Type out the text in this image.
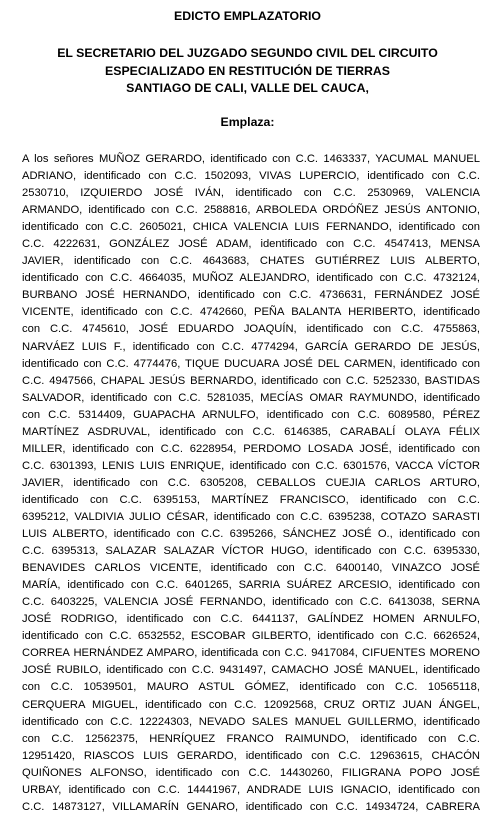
EDICTO EMPLAZATORIO

EL SECRETARIO DEL JUZGADO SEGUNDO CIVIL DEL CIRCUITO
ESPECIALIZADO EN RESTITUCIÓN DE TIERRAS
SANTIAGO DE CALI, VALLE DEL CAUCA,

Emplaza:

A los señores MUÑOZ GERARDO, identificado con C.C. 1463337, YACUMAL MANUEL
ADRIANO, identificado con C.C. 1502093, VIVAS LUPERCIO, identificado con C.C.
2530710, IZQUIERDO JOSÉ IVÁN, identificado con C.C. 2530969, VALENCIA
ARMANDO, identificado con C.C. 2588816, ARBOLEDA ORDÓÑEZ JESÚS ANTONIO,
identificado con C.C. 2605021, CHICA VALENCIA LUIS FERNANDO, identificado con
C.C. 4222631, GONZÁLEZ JOSÉ ADAM, identificado con C.C. 4547413, MENSA
JAVIER, identificado con C.C. 4643683, CHATES GUTIÉRREZ LUIS ALBERTO,
identificado con C.C. 4664035, MUÑOZ ALEJANDRO, identificado con C.C. 4732124,
BURBANO JOSÉ HERNANDO, identificado con C.C. 4736631, FERNÁNDEZ JOSÉ
VICENTE, identificado con C.C. 4742660, PEÑA BALANTA HERIBERTO, identificado
con C.C. 4745610, JOSÉ EDUARDO JOAQUÍN, identificado con C.C. 4755863,
NARVÁEZ LUIS F., identificado con C.C. 4774294, GARCÍA GERARDO DE JESÚS,
identificado con C.C. 4774476, TIQUE DUCUARA JOSÉ DEL CARMEN, identificado con
C.C. 4947566, CHAPAL JESÚS BERNARDO, identificado con C.C. 5252330, BASTIDAS
SALVADOR, identificado con C.C. 5281035, MECÍAS OMAR RAYMUNDO, identificado
con C.C. 5314409, GUAPACHA ARNULFO, identificado con C.C. 6089580, PÉREZ
MARTÍNEZ ASDRUVAL, identificado con C.C. 6146385, CARABALÍ OLAYA FÉLIX
MILLER, identificado con C.C. 6228954, PERDOMO LOSADA JOSÉ, identificado con
C.C. 6301393, LENIS LUIS ENRIQUE, identificado con C.C. 6301576, VACCA VÍCTOR
JAVIER, identificado con C.C. 6305208, CEBALLOS CUEJIA CARLOS ARTURO,
identificado con C.C. 6395153, MARTÍNEZ FRANCISCO, identificado con C.C.
6395212, VALDIVIA JULIO CÉSAR, identificado con C.C. 6395238, COTAZO SARASTI
LUIS ALBERTO, identificado con C.C. 6395266, SÁNCHEZ JOSÉ O., identificado con
C.C. 6395313, SALAZAR SALAZAR VÍCTOR HUGO, identificado con C.C. 6395330,
BENAVIDES CARLOS VICENTE, identificado con C.C. 6400140, VINAZCO JOSÉ
MARÍA, identificado con C.C. 6401265, SARRIA SUÁREZ ARCESIO, identificado con
C.C. 6403225, VALENCIA JOSÉ FERNANDO, identificado con C.C. 6413038, SERNA
JOSÉ RODRIGO, identificado con C.C. 6441137, GALÍNDEZ HOMEN ARNULFO,
identificado con C.C. 6532552, ESCOBAR GILBERTO, identificado con C.C. 6626524,
CORREA HERNÁNDEZ AMPARO, identificada con C.C. 9417084, CIFUENTES MORENO
JOSÉ RUBILO, identificado con C.C. 9431497, CAMACHO JOSÉ MANUEL, identificado
con C.C. 10539501, MAURO ASTUL GÓMEZ, identificado con C.C. 10565118,
CERQUERA MIGUEL, identificado con C.C. 12092568, CRUZ ORTIZ JUAN ÁNGEL,
identificado con C.C. 12224303, NEVADO SALES MANUEL GUILLERMO, identificado
con C.C. 12562375, HENRÍQUEZ FRANCO RAIMUNDO, identificado con C.C.
12951420, RIASCOS LUIS GERARDO, identificado con C.C. 12963615, CHACÓN
QUIÑONES ALFONSO, identificado con C.C. 14430260, FILIGRANA POPO JOSÉ
URBAY, identificado con C.C. 14441967, ANDRADE LUIS IGNACIO, identificado con
C.C. 14873127, VILLAMARÍN GENARO, identificado con C.C. 14934724, CABRERA
